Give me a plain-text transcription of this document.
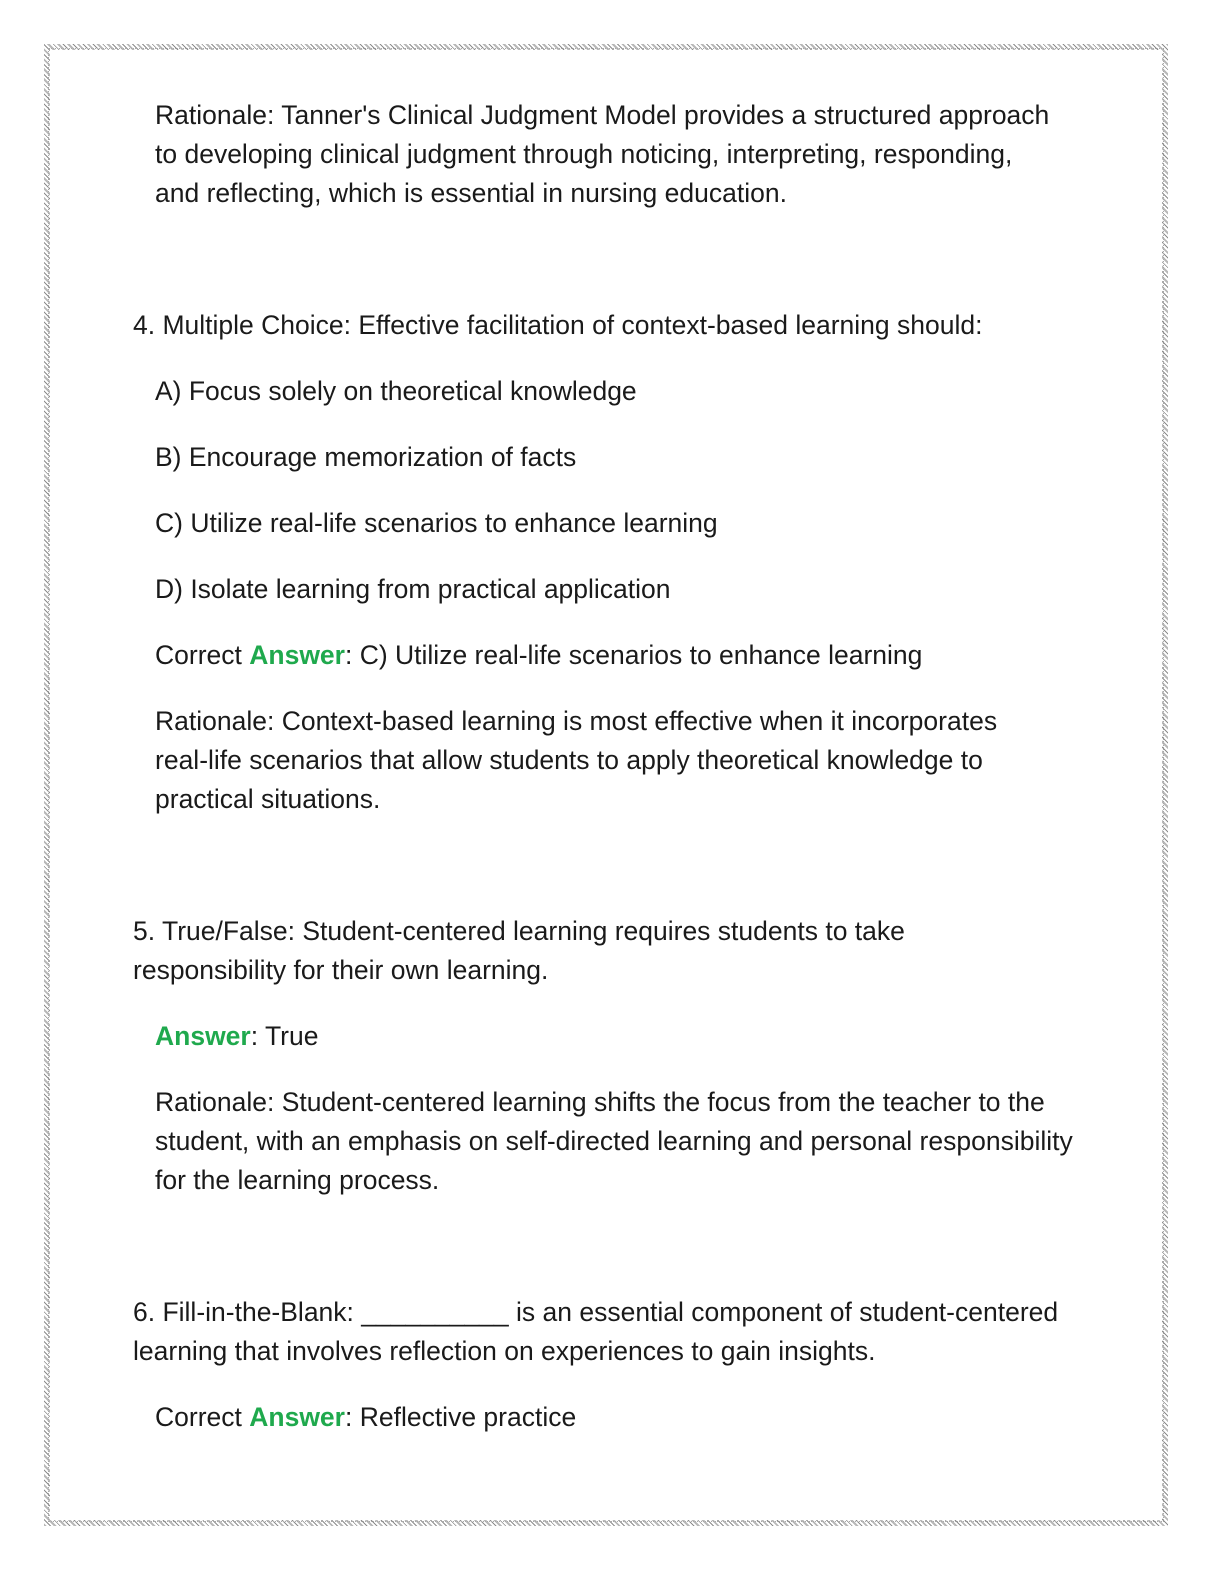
Rationale: Tanner's Clinical Judgment Model provides a structured approach to developing clinical judgment through noticing, interpreting, responding, and reflecting, which is essential in nursing education.

4. Multiple Choice: Effective facilitation of context-based learning should:

A) Focus solely on theoretical knowledge

B) Encourage memorization of facts

C) Utilize real-life scenarios to enhance learning

D) Isolate learning from practical application

Correct Answer: C) Utilize real-life scenarios to enhance learning

Rationale: Context-based learning is most effective when it incorporates real-life scenarios that allow students to apply theoretical knowledge to practical situations.

5. True/False: Student-centered learning requires students to take responsibility for their own learning.

Answer: True

Rationale: Student-centered learning shifts the focus from the teacher to the student, with an emphasis on self-directed learning and personal responsibility for the learning process.

6. Fill-in-the-Blank: __________ is an essential component of student-centered learning that involves reflection on experiences to gain insights.

Correct Answer: Reflective practice
